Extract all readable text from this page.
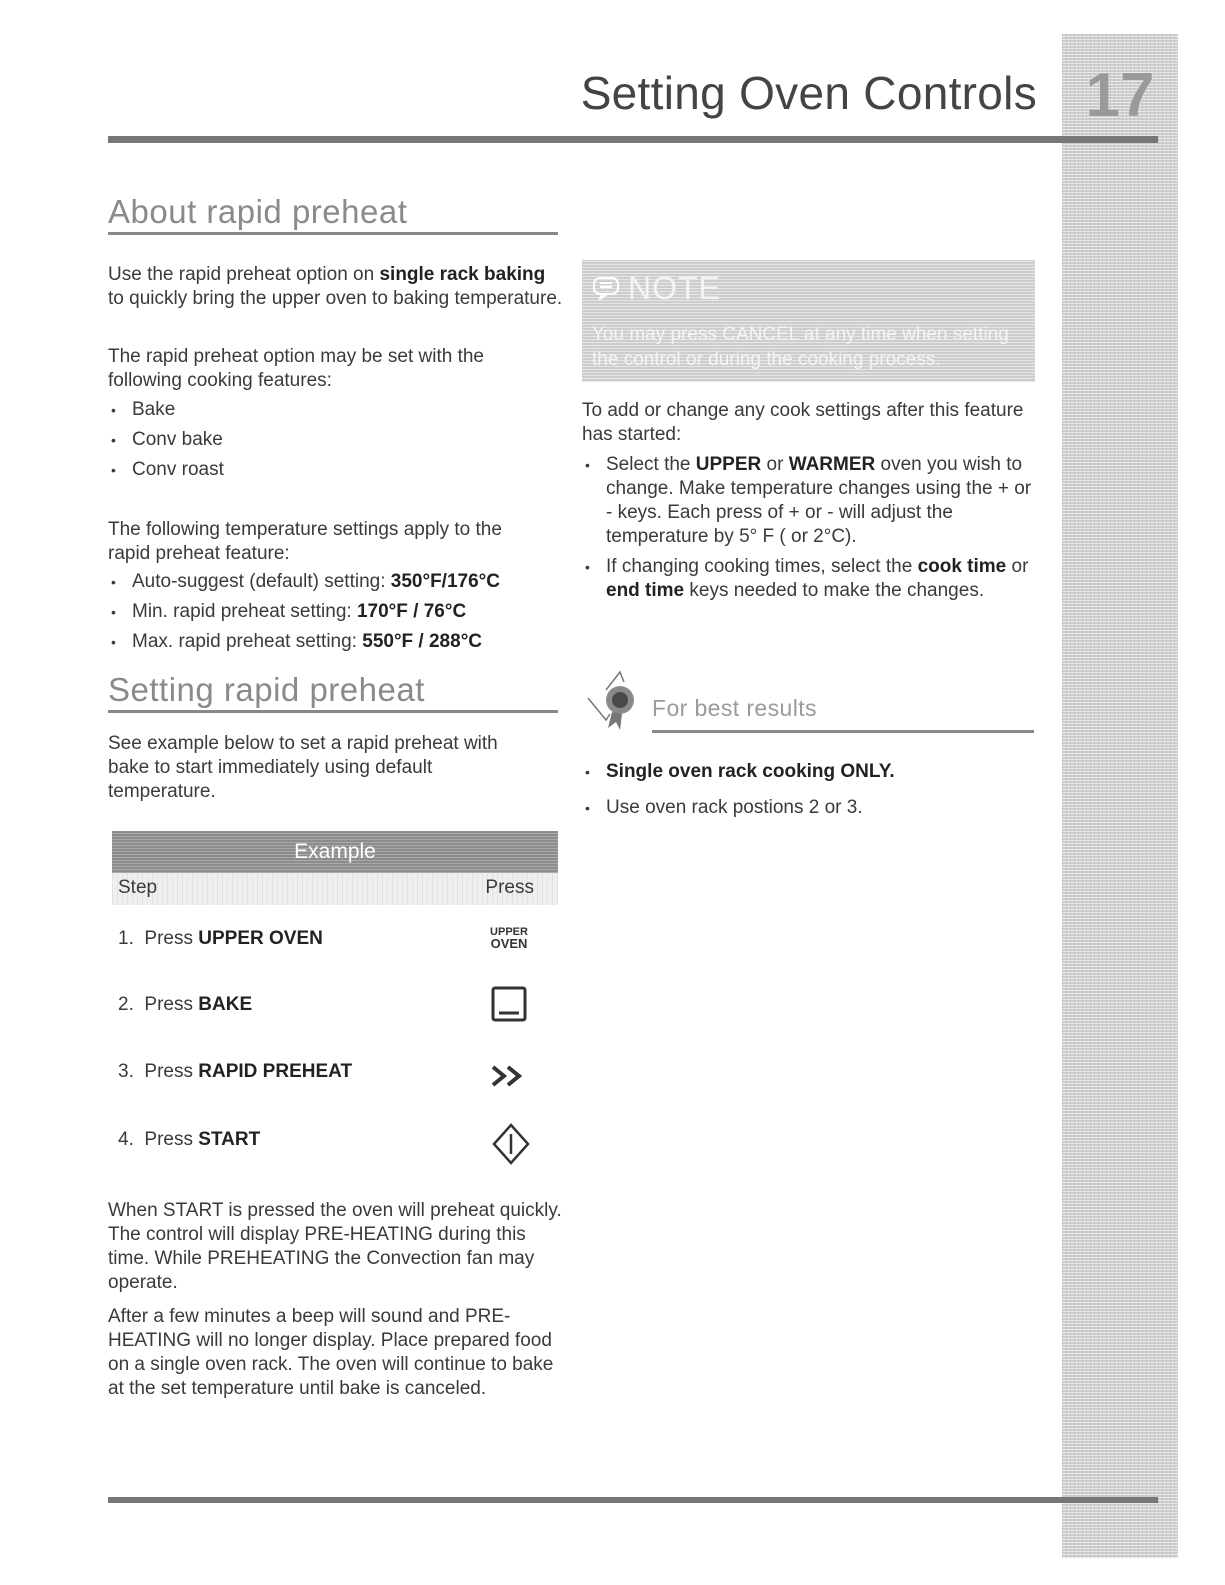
17
Setting Oven Controls
About rapid preheat
Use the rapid preheat option on single rack baking to quickly bring the upper oven to baking temperature.
The rapid preheat option may be set with the following cooking features:
• Bake
• Conv bake
• Conv roast
The following temperature settings apply to the rapid preheat feature:
• Auto-suggest (default) setting: 350°F/176°C
• Min. rapid preheat setting: 170°F / 76°C
• Max. rapid preheat setting: 550°F / 288°C
Setting rapid preheat
See example below to set a rapid preheat with bake to start immediately using default temperature.
Example
Step	Press
1. Press UPPER OVEN	UPPER
OVEN
2. Press BAKE
3. Press RAPID PREHEAT
4. Press START
When START is pressed the oven will preheat quickly. The control will display PRE-HEATING during this time. While PREHEATING the Convection fan may operate.
After a few minutes a beep will sound and PRE-HEATING will no longer display. Place prepared food on a single oven rack. The oven will continue to bake at the set temperature until bake is canceled.
NOTE
You may press CANCEL at any time when setting the control or during the cooking process.
To add or change any cook settings after this feature has started:
• Select the UPPER or WARMER oven you wish to change. Make temperature changes using the + or - keys. Each press of + or - will adjust the temperature by 5° F ( or 2°C).
• If changing cooking times, select the cook time or end time keys needed to make the changes.
For best results
• Single oven rack cooking ONLY.
• Use oven rack postions 2 or 3.
